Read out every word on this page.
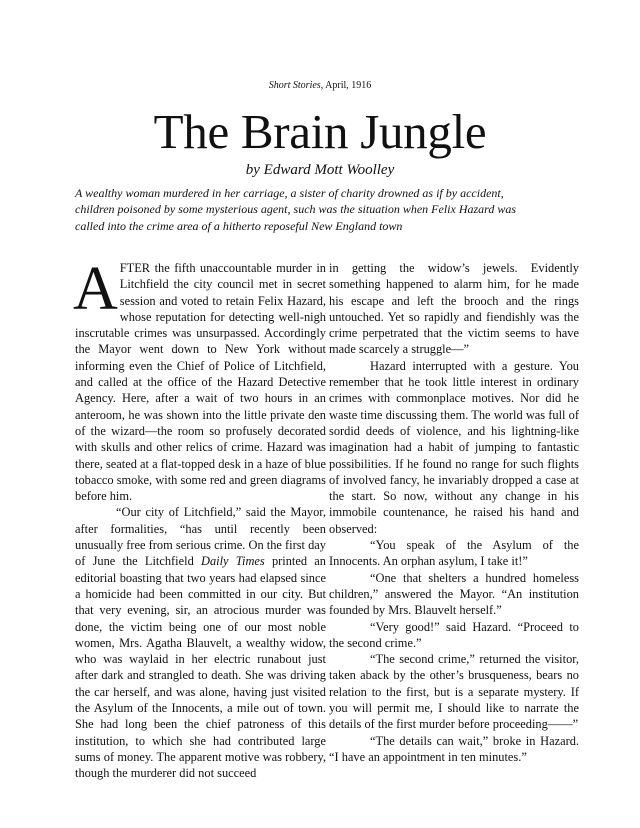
Short Stories, April, 1916
The Brain Jungle
by Edward Mott Woolley
A wealthy woman murdered in her carriage, a sister of charity drowned as if by accident,
children poisoned by some mysterious agent, such was the situation when Felix Hazard was
called into the crime area of a hitherto reposeful New England town

AFTER the fifth unaccountable murder in Litchfield the city council met in secret session and voted to retain Felix Hazard, whose reputation for detecting well-nigh inscrutable crimes was unsurpassed. Accordingly the Mayor went down to New York without informing even the Chief of Police of Litchfield, and called at the office of the Hazard Detective Agency. Here, after a wait of two hours in an anteroom, he was shown into the little private den of the wizard—the room so profusely decorated with skulls and other relics of crime. Hazard was there, seated at a flat-topped desk in a haze of blue tobacco smoke, with some red and green diagrams before him.

“Our city of Litchfield,” said the Mayor, after formalities, “has until recently been unusually free from serious crime. On the first day of June the Litchfield Daily Times printed an editorial boasting that two years had elapsed since a homicide had been committed in our city. But that very evening, sir, an atrocious murder was done, the victim being one of our most noble women, Mrs. Agatha Blauvelt, a wealthy widow, who was waylaid in her electric runabout just after dark and strangled to death. She was driving the car herself, and was alone, having just visited the Asylum of the Innocents, a mile out of town. She had long been the chief patroness of this institution, to which she had contributed large sums of money. The apparent motive was robbery, though the murderer did not succeed

in getting the widow’s jewels. Evidently something happened to alarm him, for he made his escape and left the brooch and the rings untouched. Yet so rapidly and fiendishly was the crime perpetrated that the victim seems to have made scarcely a struggle—”

Hazard interrupted with a gesture. You remember that he took little interest in ordinary crimes with commonplace motives. Nor did he waste time discussing them. The world was full of sordid deeds of violence, and his lightning-like imagination had a habit of jumping to fantastic possibilities. If he found no range for such flights of involved fancy, he invariably dropped a case at the start. So now, without any change in his immobile countenance, he raised his hand and observed:

“You speak of the Asylum of the Innocents. An orphan asylum, I take it!”

“One that shelters a hundred homeless children,” answered the Mayor. “An institution founded by Mrs. Blauvelt herself.”

“Very good!” said Hazard. “Proceed to the second crime.”

“The second crime,” returned the visitor, taken aback by the other’s brusqueness, bears no relation to the first, but is a separate mystery. If you will permit me, I should like to narrate the details of the first murder before proceeding——”

“The details can wait,” broke in Hazard. “I have an appointment in ten minutes.”
